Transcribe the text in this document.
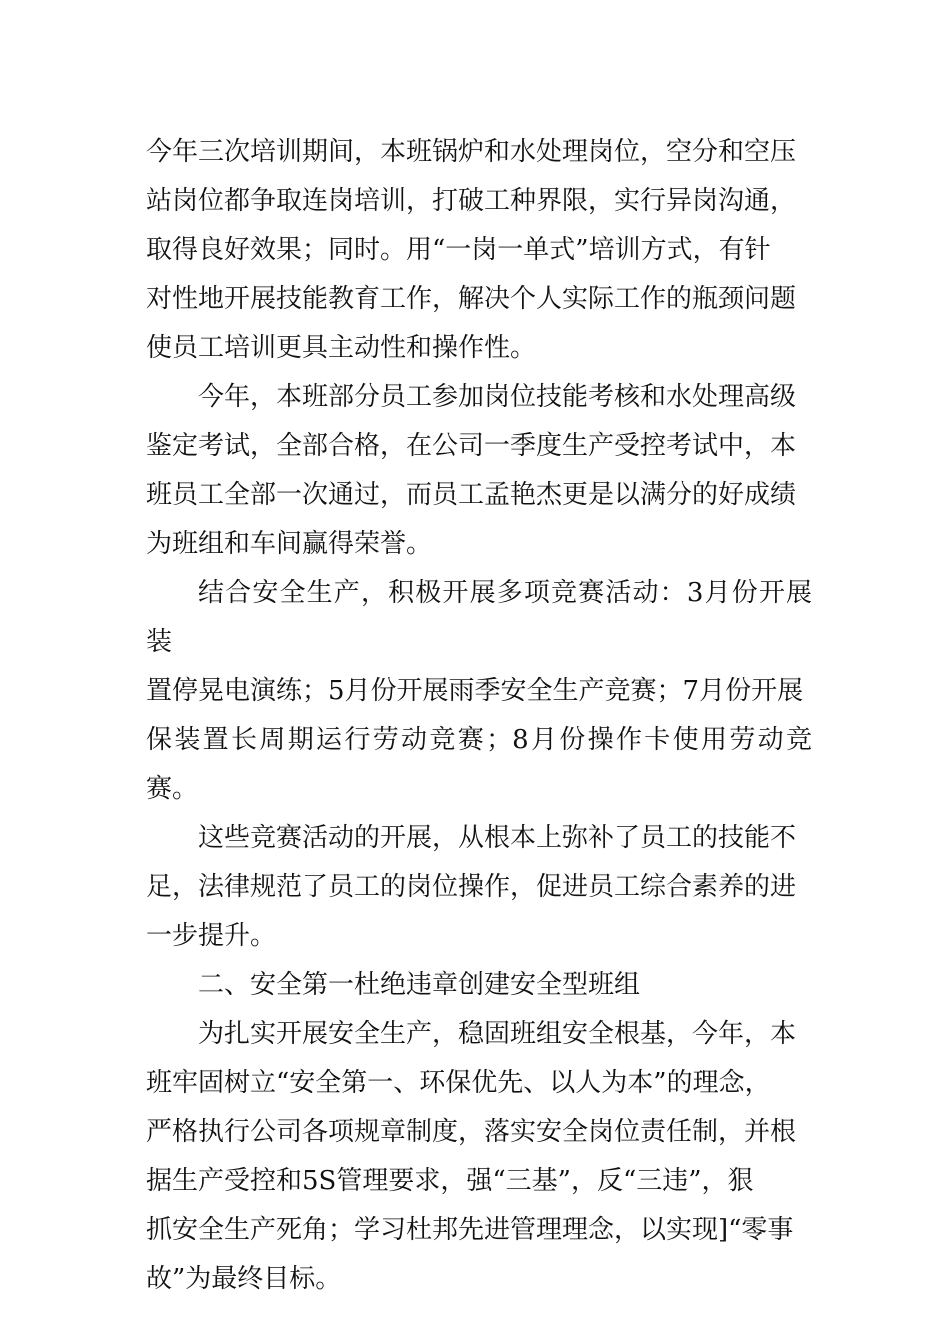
今年三次培训期间，本班锅炉和水处理岗位，空分和空压
站岗位都争取连岗培训，打破工种界限，实行异岗沟通，
取得良好效果；同时。用“一岗一单式”培训方式，有针
对性地开展技能教育工作，解决个人实际工作的瓶颈问题
使员工培训更具主动性和操作性。

今年，本班部分员工参加岗位技能考核和水处理高级
鉴定考试，全部合格，在公司一季度生产受控考试中，本
班员工全部一次通过，而员工孟艳杰更是以满分的好成绩
为班组和车间赢得荣誉。

结合安全生产，积极开展多项竞赛活动：3月份开展装
置停晃电演练；5月份开展雨季安全生产竞赛；7月份开展
保装置长周期运行劳动竞赛；8月份操作卡使用劳动竞赛。

这些竞赛活动的开展，从根本上弥补了员工的技能不
足，法律规范了员工的岗位操作，促进员工综合素养的进
一步提升。

二、安全第一杜绝违章创建安全型班组

为扎实开展安全生产，稳固班组安全根基，今年，本
班牢固树立“安全第一、环保优先、以人为本”的理念，
严格执行公司各项规章制度，落实安全岗位责任制，并根
据生产受控和5S管理要求，强“三基”，反“三违”，狠
抓安全生产死角；学习杜邦先进管理理念，以实现]“零事
故”为最终目标。
